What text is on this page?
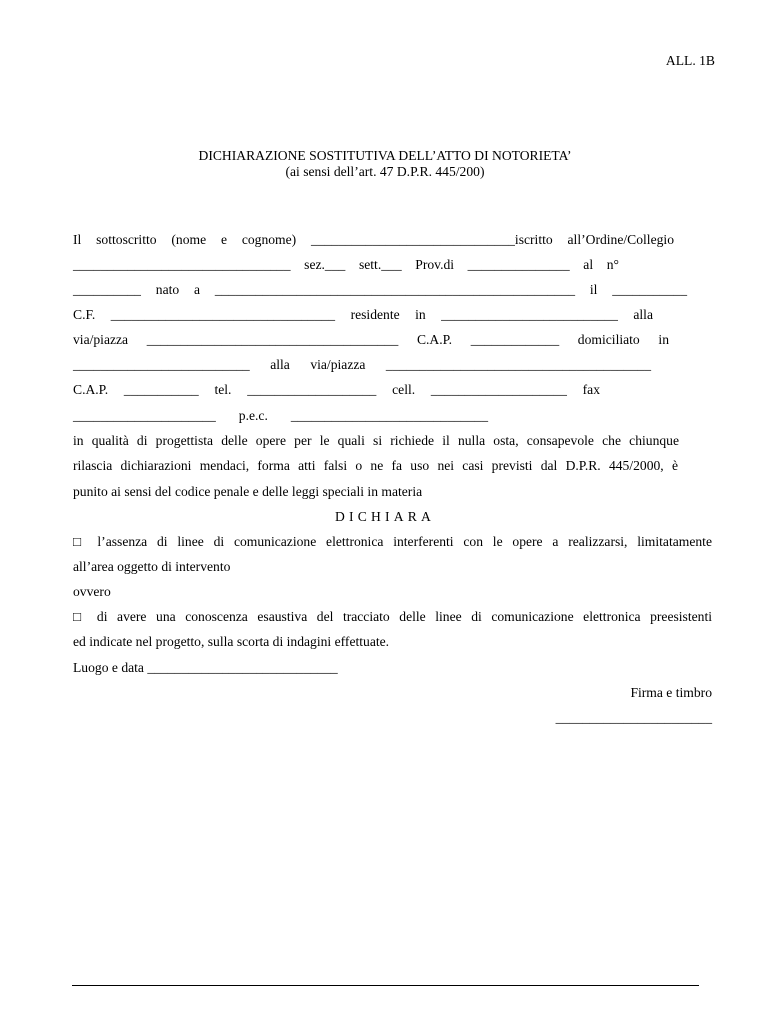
ALL. 1B
DICHIARAZIONE SOSTITUTIVA DELL’ATTO DI NOTORIETA’
(ai sensi dell’art. 47 D.P.R. 445/200)
Il sottoscritto (nome e cognome) ______________________________iscritto all’Ordine/Collegio
________________________________ sez.___ sett.___ Prov.di _______________ al n°
__________ nato a _____________________________________________________ il ___________
C.F. _________________________________ residente in __________________________ alla
via/piazza _____________________________________ C.A.P. _____________ domiciliato in
__________________________ alla via/piazza _______________________________________
C.A.P. ___________ tel. ___________________ cell. ____________________ fax
_____________________ p.e.c. _____________________________
in qualità di progettista delle opere per le quali si richiede il nulla osta, consapevole che chiunque
rilascia dichiarazioni mendaci, forma atti falsi o ne fa uso nei casi previsti dal D.P.R. 445/2000, è
punito ai sensi del codice penale e delle leggi speciali in materia
DICHIARA
□ l’assenza di linee di comunicazione elettronica interferenti con le opere a realizzarsi, limitatamente
all’area oggetto di intervento
ovvero
□ di avere una conoscenza esaustiva del tracciato delle linee di comunicazione elettronica preesistenti
ed indicate nel progetto, sulla scorta di indagini effettuate.
Luogo e data ____________________________
Firma e timbro
_______________________
